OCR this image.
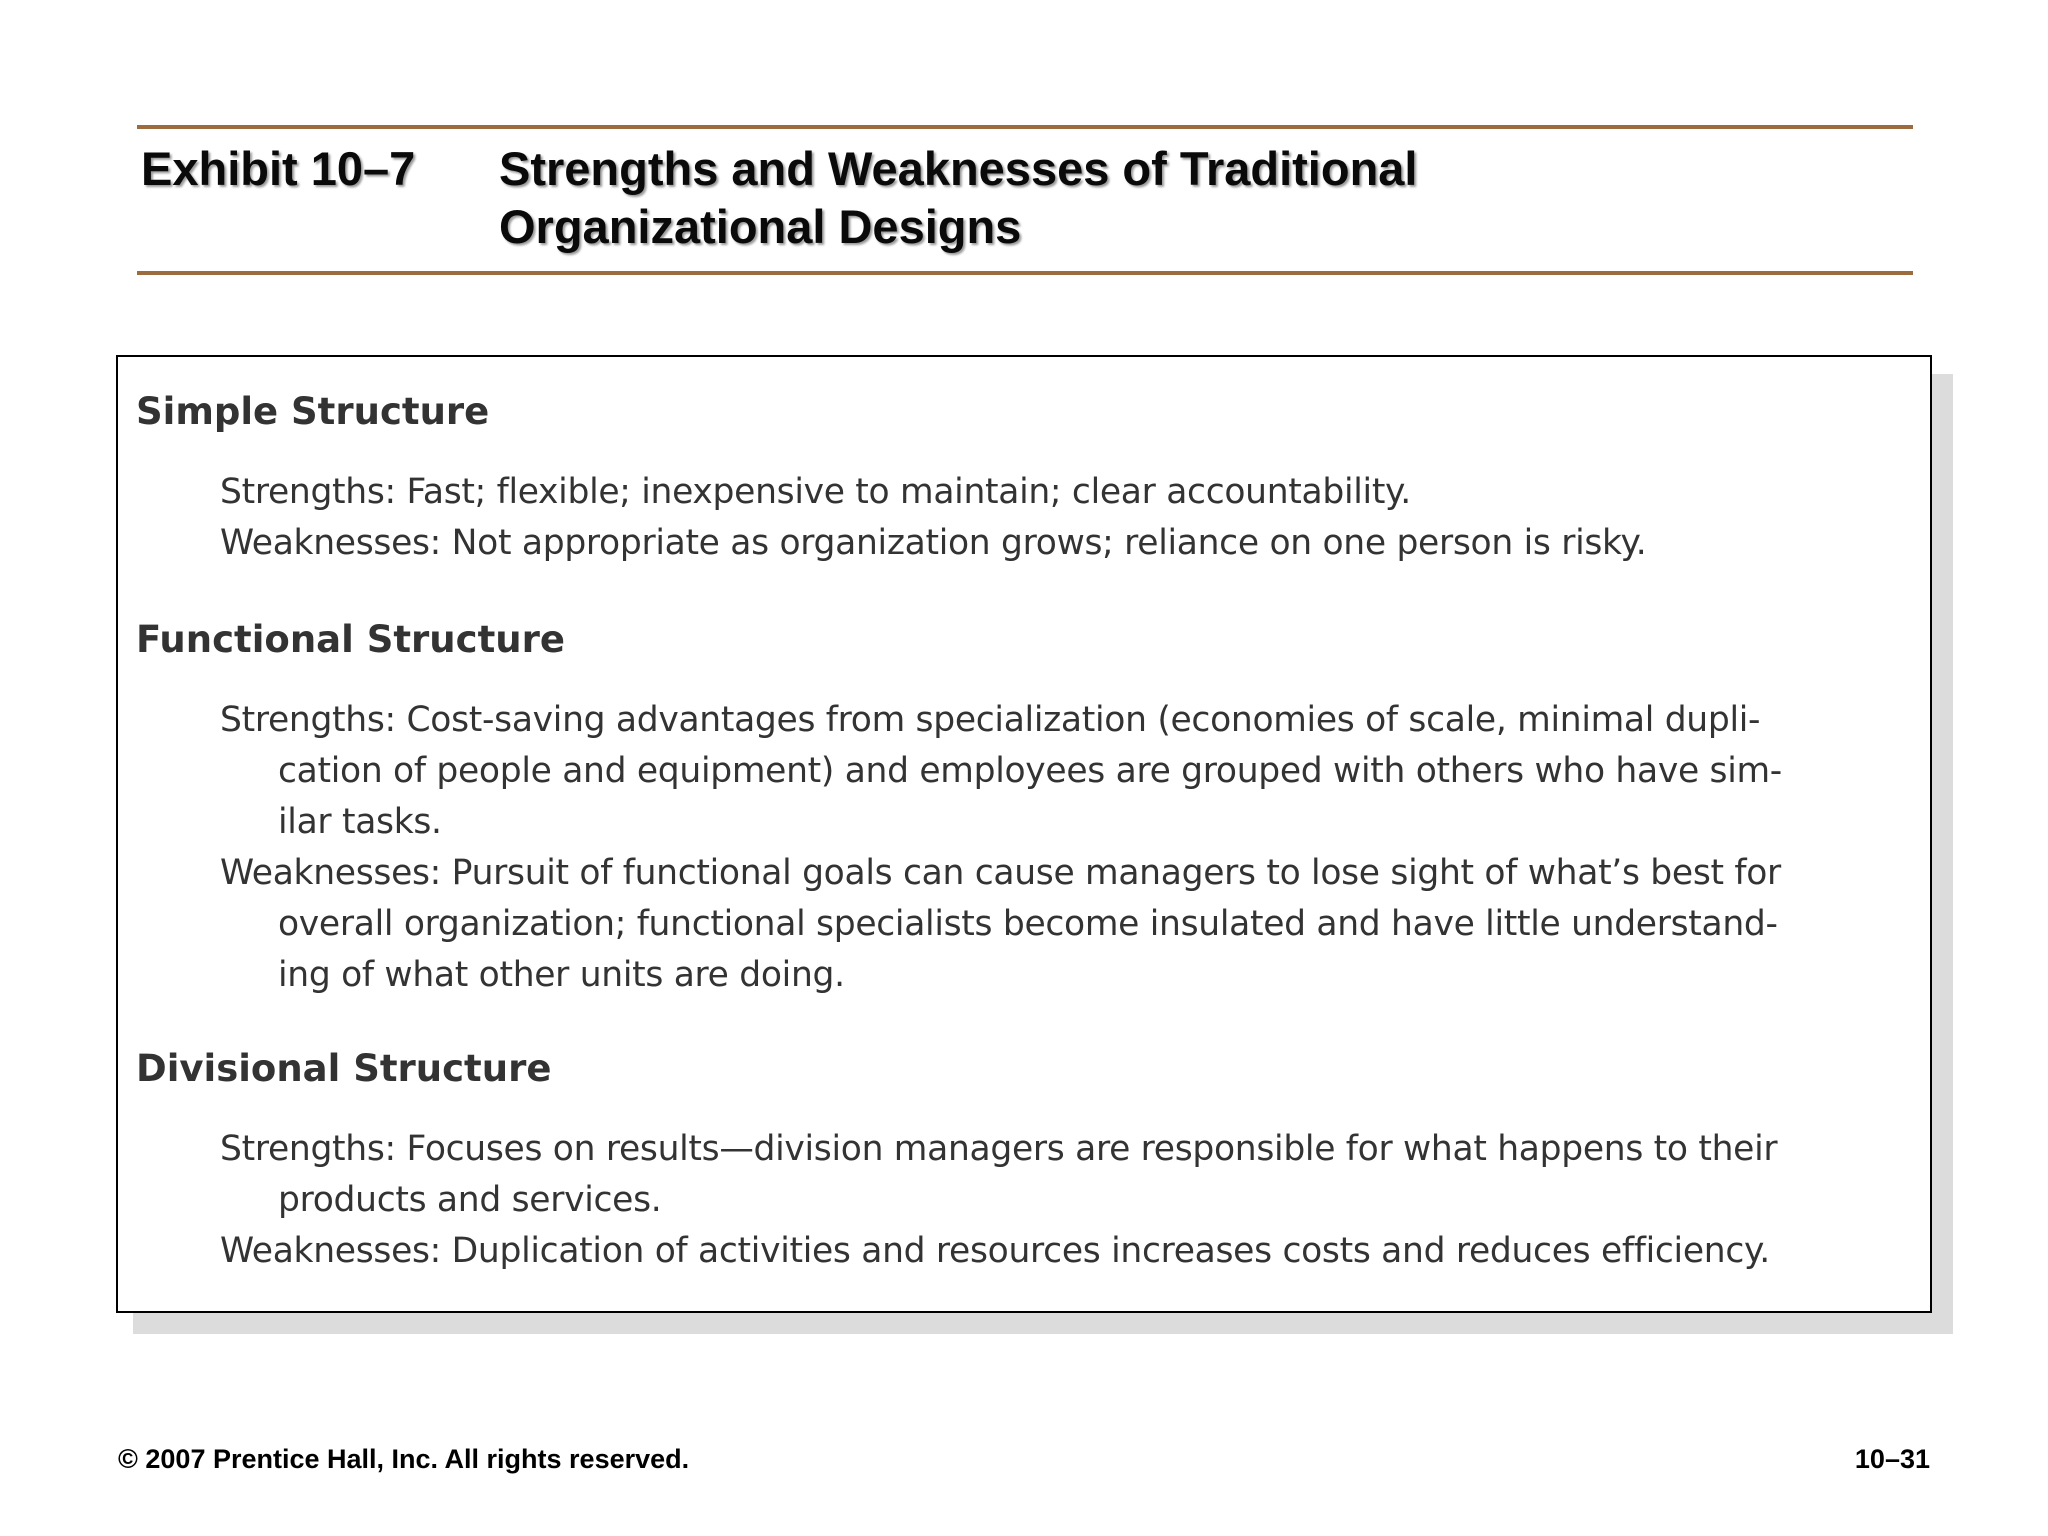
Exhibit 10–7 Strengths and Weaknesses of Traditional
Organizational Designs
Simple Structure

Strengths: Fast; flexible; inexpensive to maintain; clear accountability.

Weaknesses: Not appropriate as organization grows; reliance on one person is risky.

Functional Structure

Strengths: Cost-saving advantages from specialization (economies of scale, minimal dupli-
cation of people and equipment) and employees are grouped with others who have sim-
ilar tasks.

Weaknesses: Pursuit of functional goals can cause managers to lose sight of what’s best for
overall organization; functional specialists become insulated and have little understand-
ing of what other units are doing.

Divisional Structure

Strengths: Focuses on results—division managers are responsible for what happens to their
products and services.

Weaknesses: Duplication of activities and resources increases costs and reduces efficiency.

© 2007 Prentice Hall, Inc. All rights reserved.	10–31
